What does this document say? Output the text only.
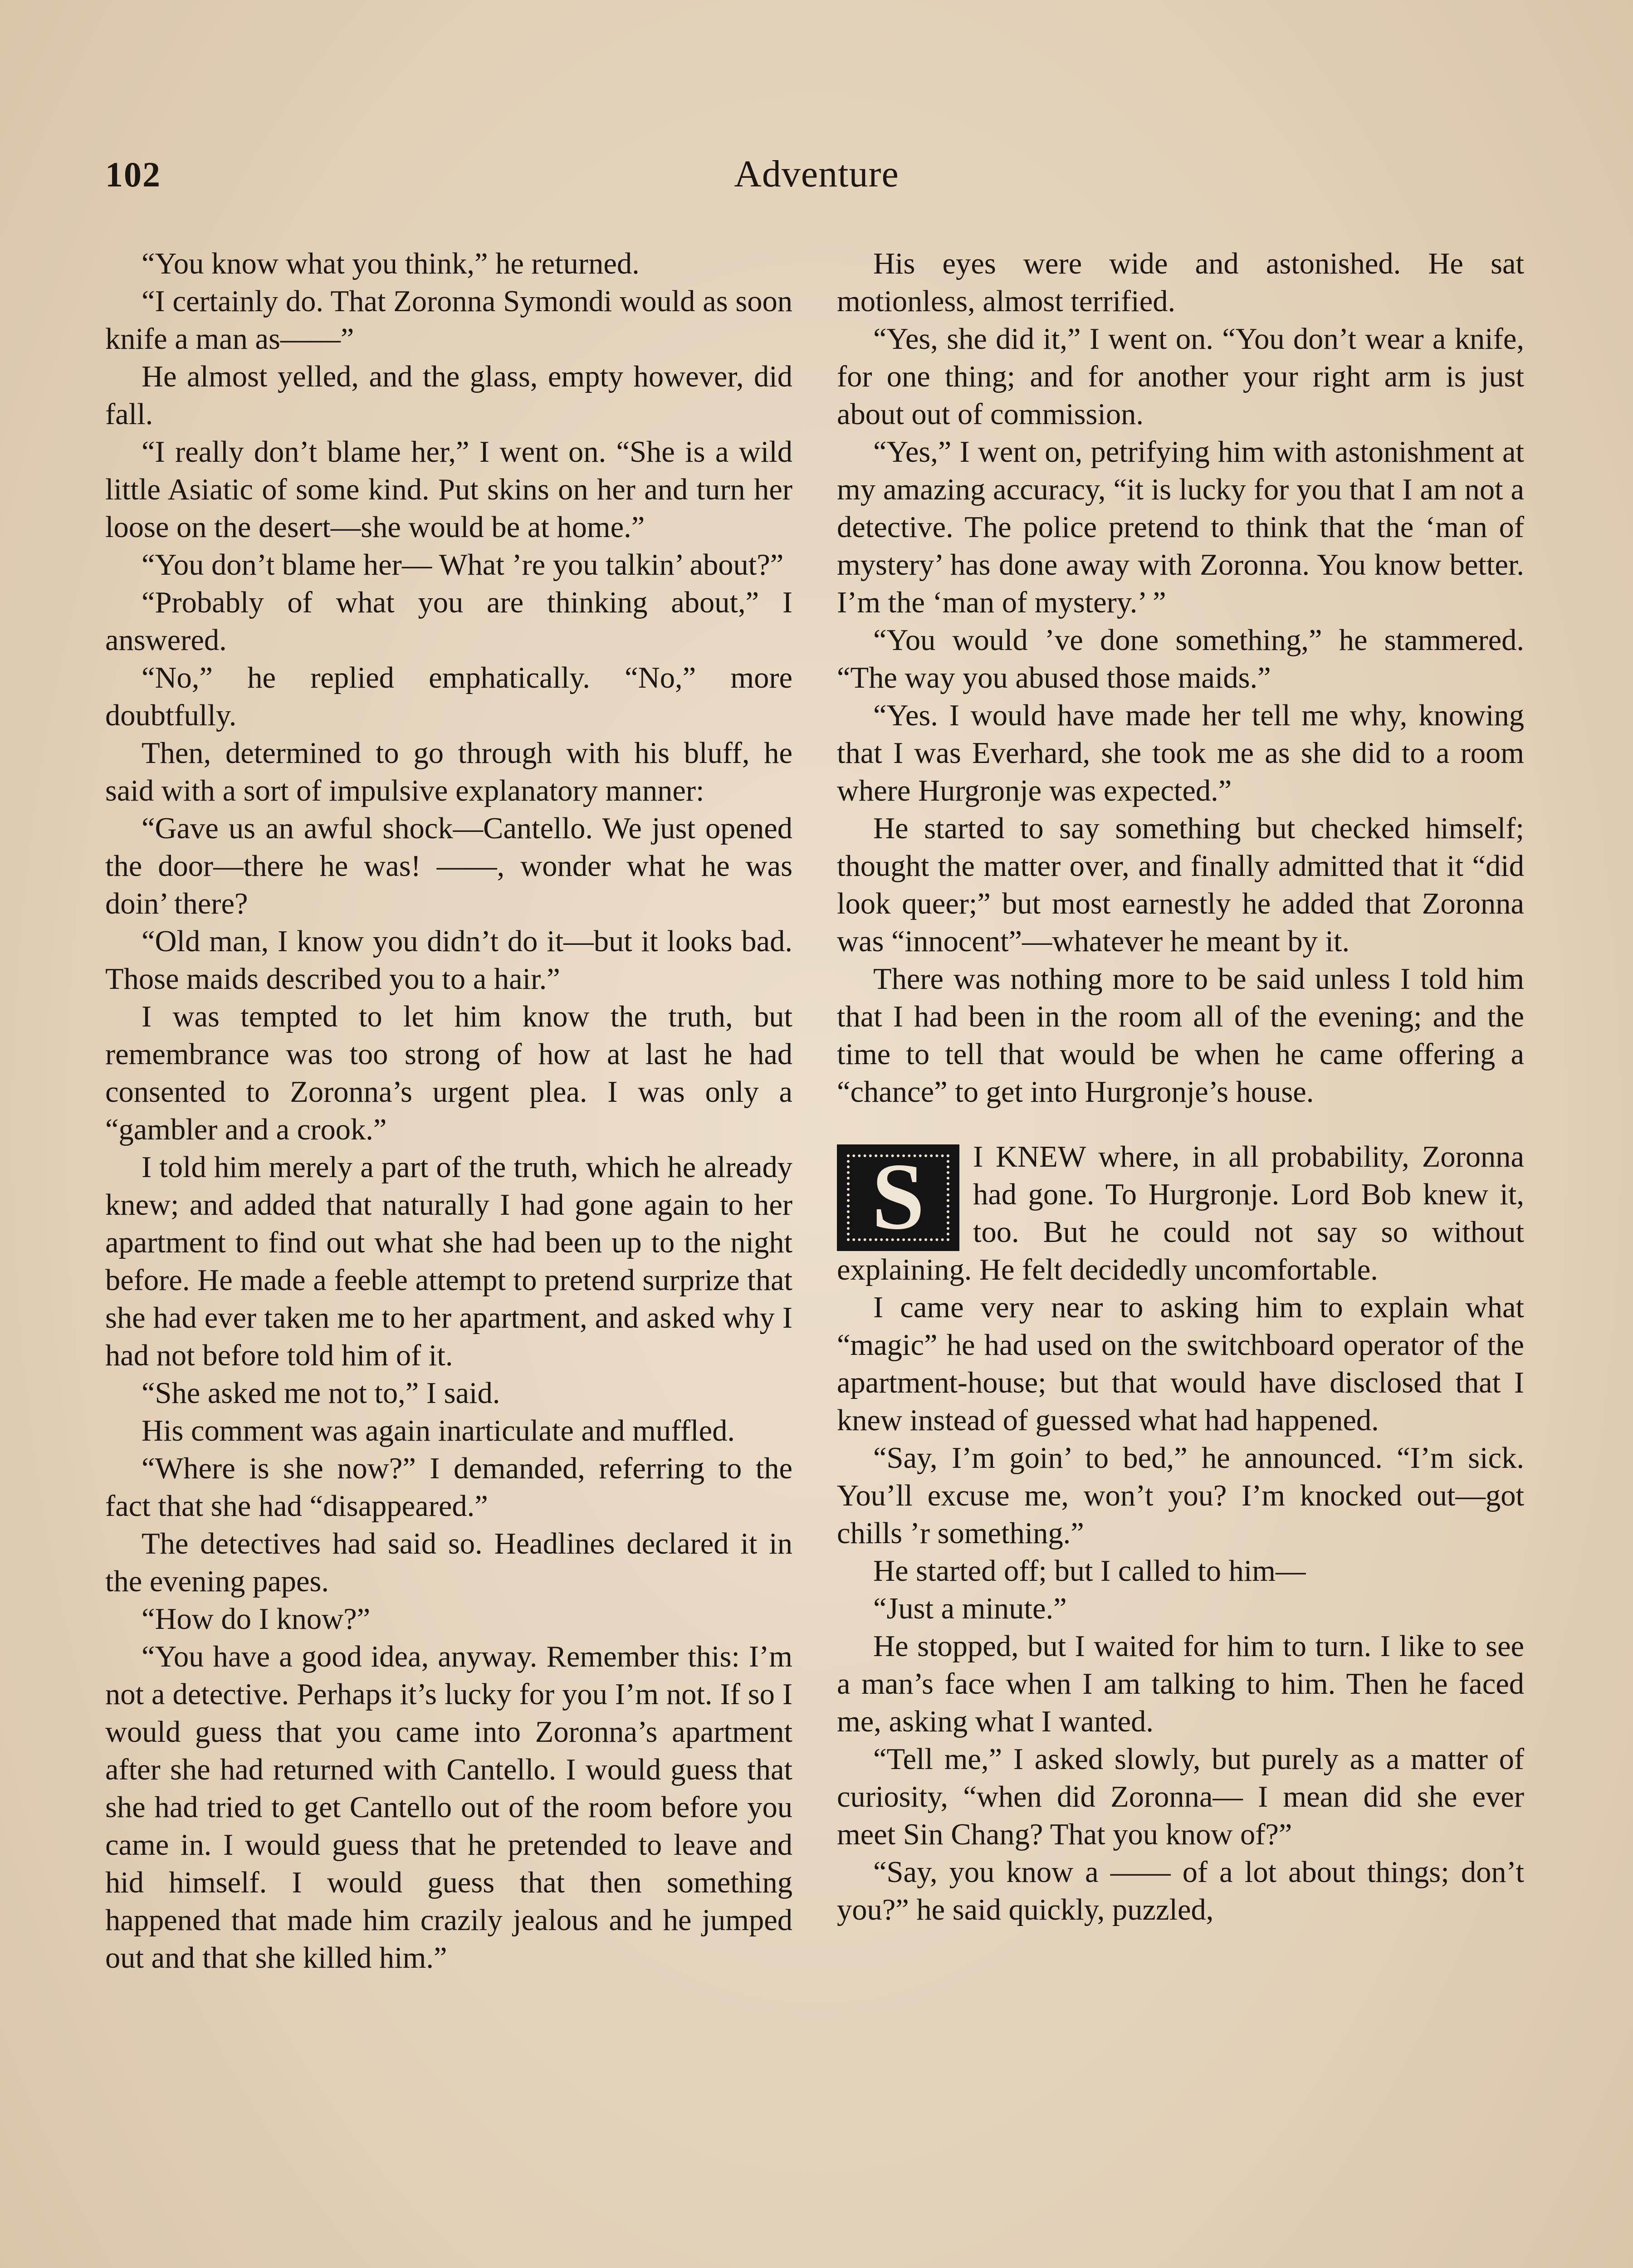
102	Adventure

“You know what you think,” he returned.

“I certainly do. That Zoronna Symondi would as soon knife a man as——”

He almost yelled, and the glass, empty however, did fall.

“I really don’t blame her,” I went on. “She is a wild little Asiatic of some kind. Put skins on her and turn her loose on the desert—she would be at home.”

“You don’t blame her— What ’re you talkin’ about?”

“Probably of what you are thinking about,” I answered.

“No,” he replied emphatically. “No,” more doubtfully.

Then, determined to go through with his bluff, he said with a sort of impulsive explanatory manner:

“Gave us an awful shock—Cantello. We just opened the door—there he was! ——, wonder what he was doin’ there?

“Old man, I know you didn’t do it—but it looks bad. Those maids described you to a hair.”

I was tempted to let him know the truth, but remembrance was too strong of how at last he had consented to Zoronna’s urgent plea. I was only a “gambler and a crook.”

I told him merely a part of the truth, which he already knew; and added that naturally I had gone again to her apartment to find out what she had been up to the night before. He made a feeble attempt to pretend surprize that she had ever taken me to her apartment, and asked why I had not before told him of it.

“She asked me not to,” I said.

His comment was again inarticulate and muffled.

“Where is she now?” I demanded, referring to the fact that she had “disappeared.”

The detectives had said so. Headlines declared it in the evening papes.

“How do I know?”

“You have a good idea, anyway. Remember this: I’m not a detective. Perhaps it’s lucky for you I’m not. If so I would guess that you came into Zoronna’s apartment after she had returned with Cantello. I would guess that she had tried to get Cantello out of the room before you came in. I would guess that he pretended to leave and hid himself. I would guess that then something happened that made him crazily jealous and he jumped out and that she killed him.”

His eyes were wide and astonished. He sat motionless, almost terrified.

“Yes, she did it,” I went on. “You don’t wear a knife, for one thing; and for another your right arm is just about out of commission.

“Yes,” I went on, petrifying him with astonishment at my amazing accuracy, “it is lucky for you that I am not a detective. The police pretend to think that the ‘man of mystery’ has done away with Zoronna. You know better. I’m the ‘man of mystery.’ ”

“You would ’ve done something,” he stammered. “The way you abused those maids.”

“Yes. I would have made her tell me why, knowing that I was Everhard, she took me as she did to a room where Hurgronje was expected.”

He started to say something but checked himself; thought the matter over, and finally admitted that it “did look queer;” but most earnestly he added that Zoronna was “innocent”—whatever he meant by it.

There was nothing more to be said unless I told him that I had been in the room all of the evening; and the time to tell that would be when he came offering a “chance” to get into Hurgronje’s house.

S	I KNEW where, in all probability, Zoronna had gone. To Hurgronje. Lord Bob knew it, too. But he could not say so without explaining. He felt decidedly uncomfortable.

I came very near to asking him to explain what “magic” he had used on the switchboard operator of the apartment-house; but that would have disclosed that I knew instead of guessed what had happened.

“Say, I’m goin’ to bed,” he announced. “I’m sick. You’ll excuse me, won’t you? I’m knocked out—got chills ’r something.”

He started off; but I called to him—

“Just a minute.”

He stopped, but I waited for him to turn. I like to see a man’s face when I am talking to him. Then he faced me, asking what I wanted.

“Tell me,” I asked slowly, but purely as a matter of curiosity, “when did Zoronna— I mean did she ever meet Sin Chang? That you know of?”

“Say, you know a —— of a lot about things; don’t you?” he said quickly, puzzled,
